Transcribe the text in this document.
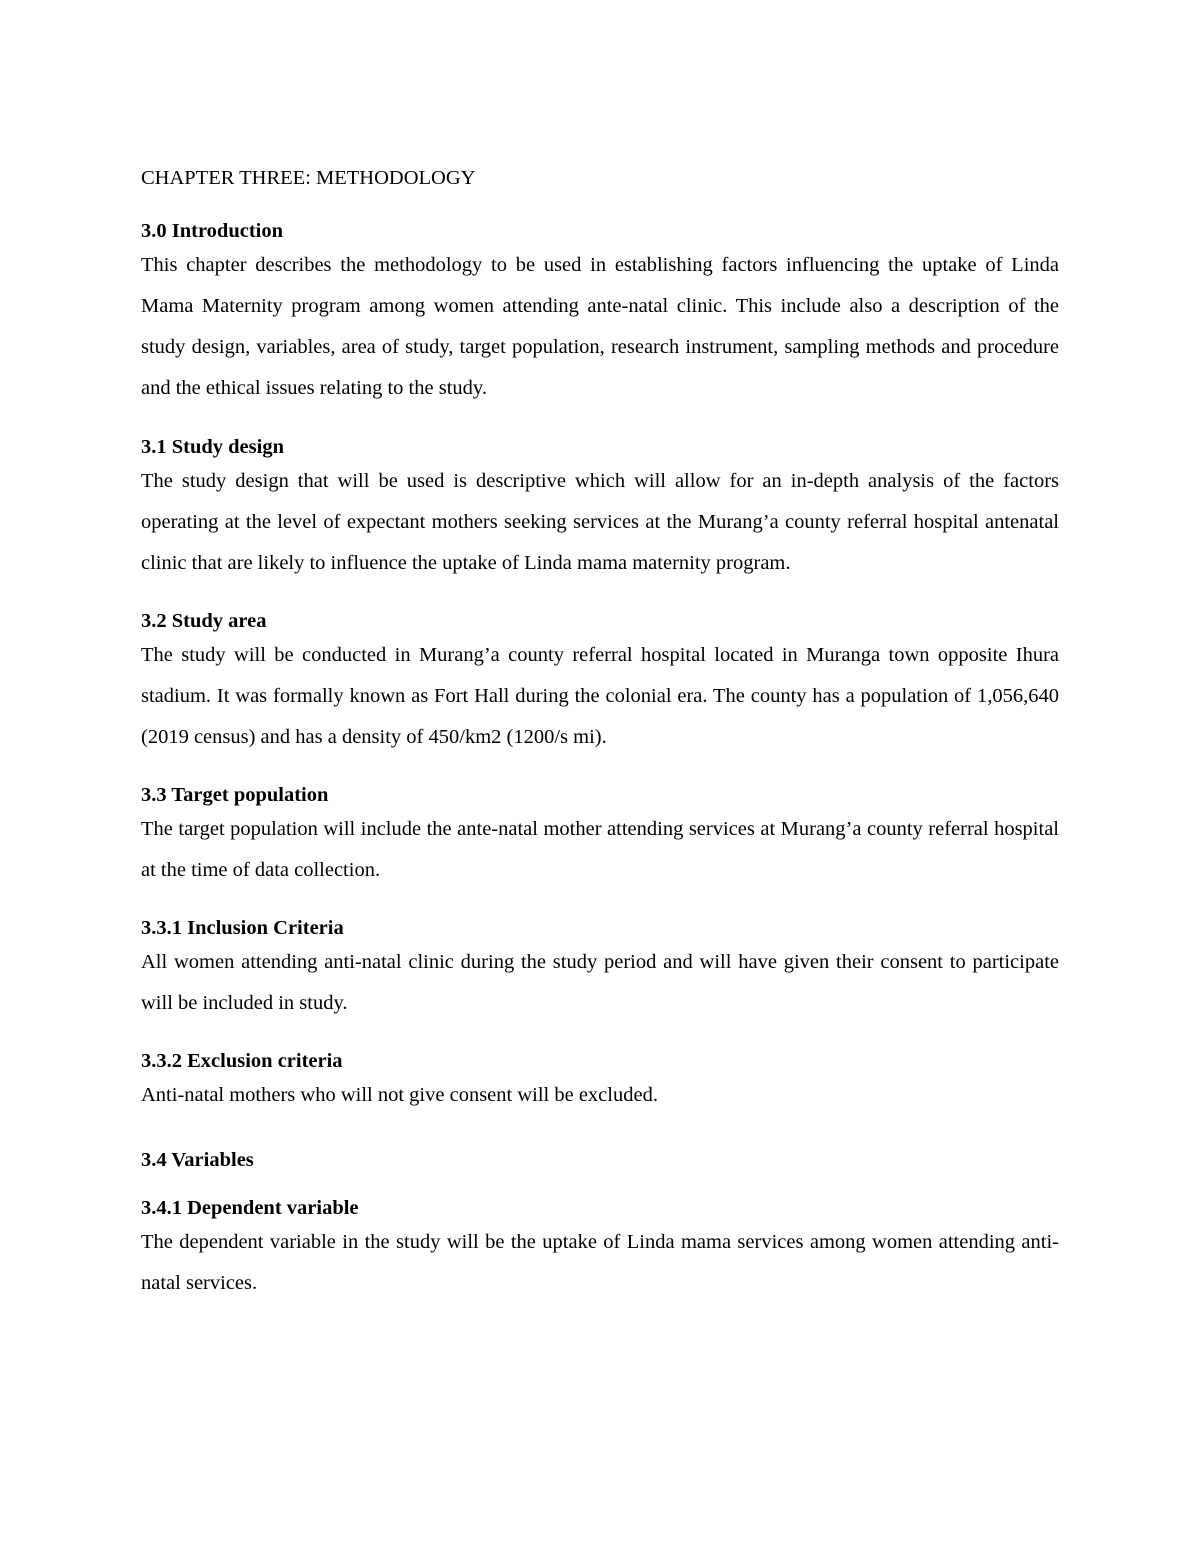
CHAPTER THREE: METHODOLOGY

3.0 Introduction

This chapter describes the methodology to be used in establishing factors influencing the uptake of Linda Mama Maternity program among women attending ante-natal clinic. This include also a description of the study design, variables, area of study, target population, research instrument, sampling methods and procedure and the ethical issues relating to the study.

3.1 Study design

The study design that will be used is descriptive which will allow for an in-depth analysis of the factors operating at the level of expectant mothers seeking services at the Murang’a county referral hospital antenatal clinic that are likely to influence the uptake of Linda mama maternity program.

3.2 Study area

The study will be conducted in Murang’a county referral hospital located in Muranga town opposite Ihura stadium. It was formally known as Fort Hall during the colonial era. The county has a population of 1,056,640 (2019 census) and has a density of 450/km2 (1200/s mi).

3.3 Target population

The target population will include the ante-natal mother attending services at Murang’a county referral hospital at the time of data collection.

3.3.1 Inclusion Criteria

All women attending anti-natal clinic during the study period and will have given their consent to participate will be included in study.

3.3.2 Exclusion criteria

Anti-natal mothers who will not give consent will be excluded.

3.4 Variables

3.4.1 Dependent variable

The dependent variable in the study will be the uptake of Linda mama services among women attending anti-natal services.
